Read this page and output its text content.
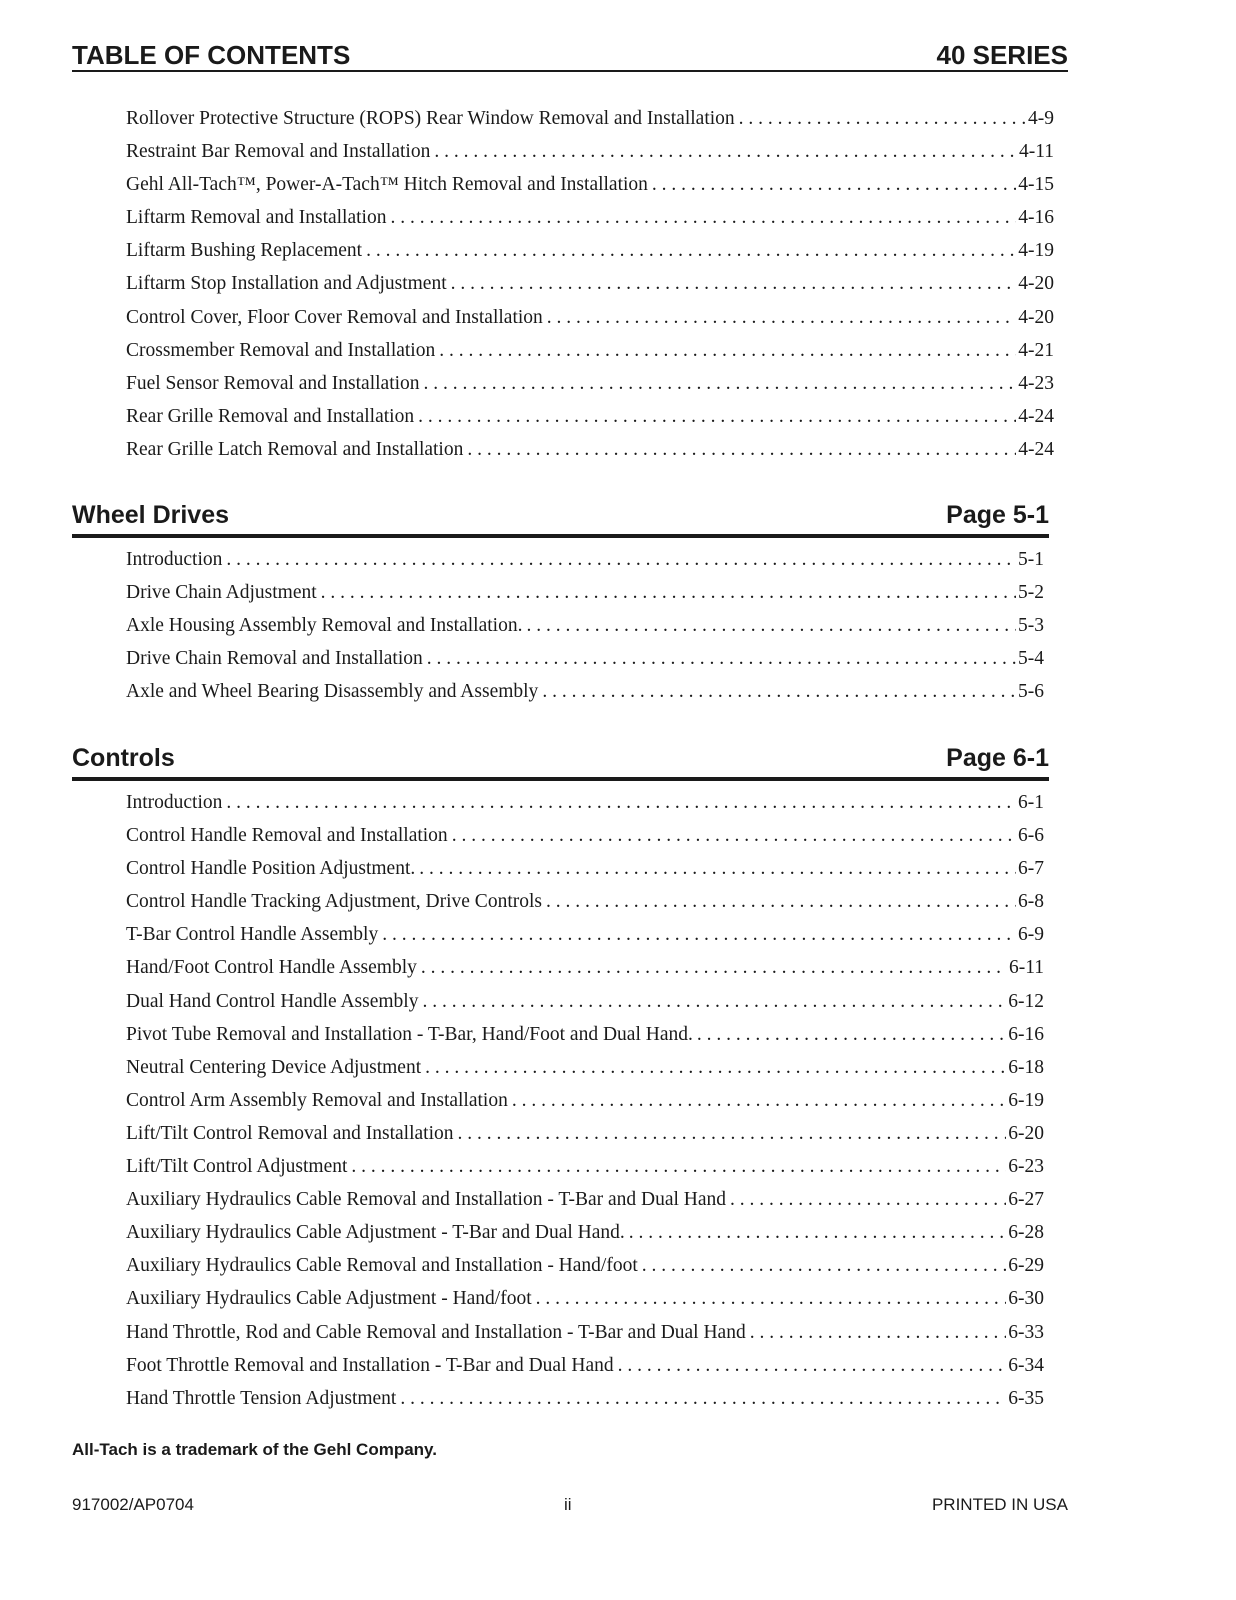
TABLE OF CONTENTS	40 SERIES
Rollover Protective Structure (ROPS) Rear Window Removal and Installation . . .	4-9
Restraint Bar Removal and Installation . . .	4-11
Gehl All-Tach™, Power-A-Tach™ Hitch Removal and Installation . . .	4-15
Liftarm Removal and Installation . . .	4-16
Liftarm Bushing Replacement . . .	4-19
Liftarm Stop Installation and Adjustment . . .	4-20
Control Cover, Floor Cover Removal and Installation . . .	4-20
Crossmember Removal and Installation . . .	4-21
Fuel Sensor Removal and Installation . . .	4-23
Rear Grille Removal and Installation . . .	4-24
Rear Grille Latch Removal and Installation . . .	4-24
Wheel Drives	Page 5-1
Introduction . . .	5-1
Drive Chain Adjustment . . .	5-2
Axle Housing Assembly Removal and Installation. . . .	5-3
Drive Chain Removal and Installation . . .	5-4
Axle and Wheel Bearing Disassembly and Assembly . . .	5-6
Controls	Page 6-1
Introduction . . .	6-1
Control Handle Removal and Installation . . .	6-6
Control Handle Position Adjustment. . . .	6-7
Control Handle Tracking Adjustment, Drive Controls . . .	6-8
T-Bar Control Handle Assembly . . .	6-9
Hand/Foot Control Handle Assembly . . .	6-11
Dual Hand Control Handle Assembly . . .	6-12
Pivot Tube Removal and Installation - T-Bar, Hand/Foot and Dual Hand. . . .	6-16
Neutral Centering Device Adjustment . . .	6-18
Control Arm Assembly Removal and Installation . . .	6-19
Lift/Tilt Control Removal and Installation . . .	6-20
Lift/Tilt Control Adjustment . . .	6-23
Auxiliary Hydraulics Cable Removal and Installation - T-Bar and Dual Hand . . .	6-27
Auxiliary Hydraulics Cable Adjustment - T-Bar and Dual Hand. . . .	6-28
Auxiliary Hydraulics Cable Removal and Installation - Hand/foot . . .	6-29
Auxiliary Hydraulics Cable Adjustment - Hand/foot . . .	6-30
Hand Throttle, Rod and Cable Removal and Installation - T-Bar and Dual Hand . . .	6-33
Foot Throttle Removal and Installation - T-Bar and Dual Hand . . .	6-34
Hand Throttle Tension Adjustment . . .	6-35
All-Tach is a trademark of the Gehl Company.
917002/AP0704	ii	PRINTED IN USA
